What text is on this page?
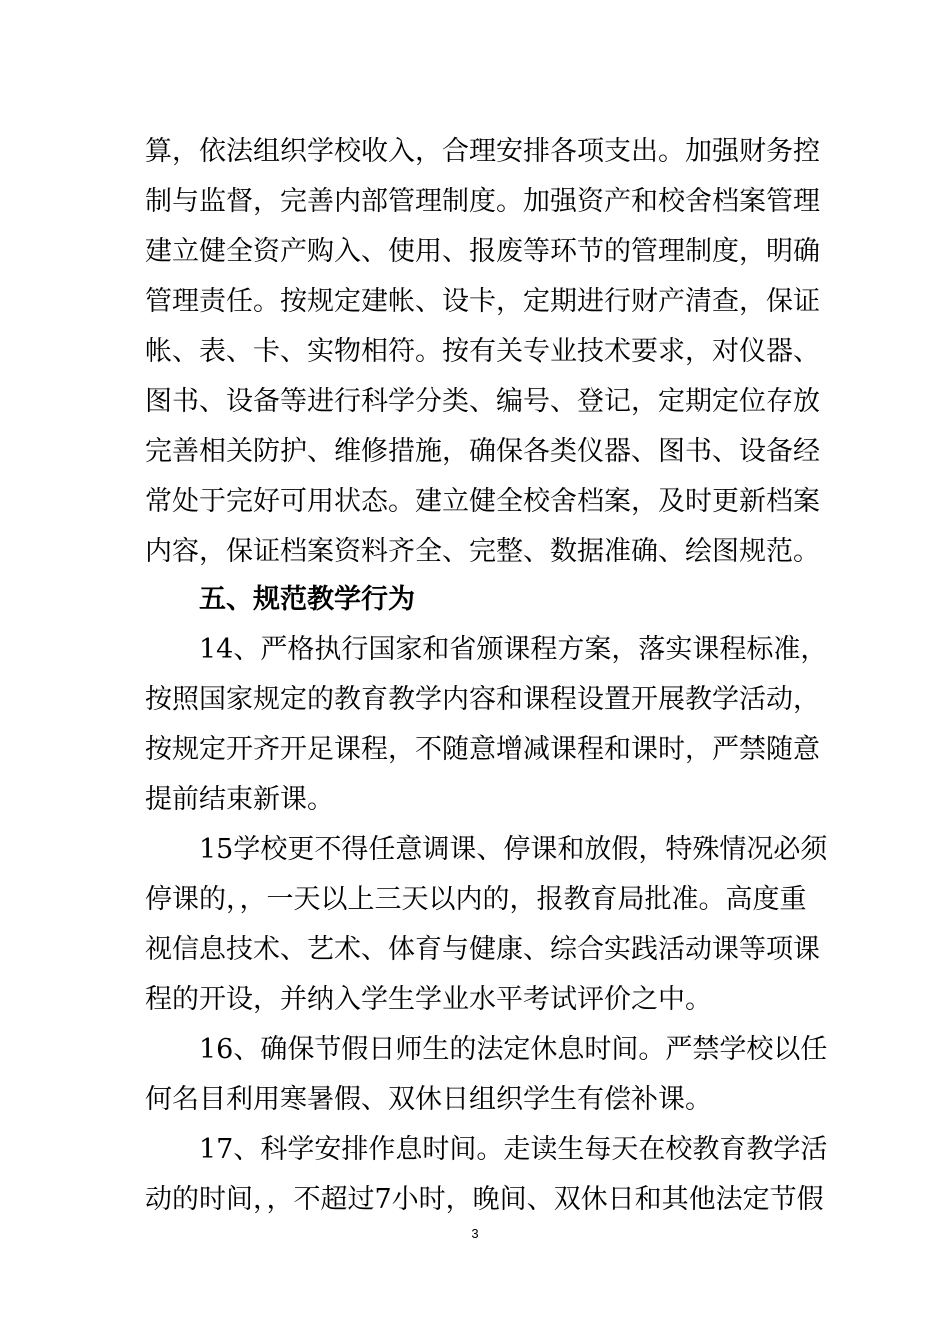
算，依法组织学校收入，合理安排各项支出。加强财务控
制与监督，完善内部管理制度。加强资产和校舍档案管理
建立健全资产购入、使用、报废等环节的管理制度，明确
管理责任。按规定建帐、设卡，定期进行财产清查，保证
帐、表、卡、实物相符。按有关专业技术要求，对仪器、
图书、设备等进行科学分类、编号、登记，定期定位存放
完善相关防护、维修措施，确保各类仪器、图书、设备经
常处于完好可用状态。建立健全校舍档案，及时更新档案
内容，保证档案资料齐全、完整、数据准确、绘图规范。
五、规范教学行为
14、严格执行国家和省颁课程方案，落实课程标准，
按照国家规定的教育教学内容和课程设置开展教学活动，
按规定开齐开足课程，不随意增减课程和课时，严禁随意
提前结束新课。
15学校更不得任意调课、停课和放假，特殊情况必须
停课的，，一天以上三天以内的，报教育局批准。高度重
视信息技术、艺术、体育与健康、综合实践活动课等项课
程的开设，并纳入学生学业水平考试评价之中。
16、确保节假日师生的法定休息时间。严禁学校以任
何名目利用寒暑假、双休日组织学生有偿补课。
17、科学安排作息时间。走读生每天在校教育教学活
动的时间，，不超过7小时，晚间、双休日和其他法定节假
3
